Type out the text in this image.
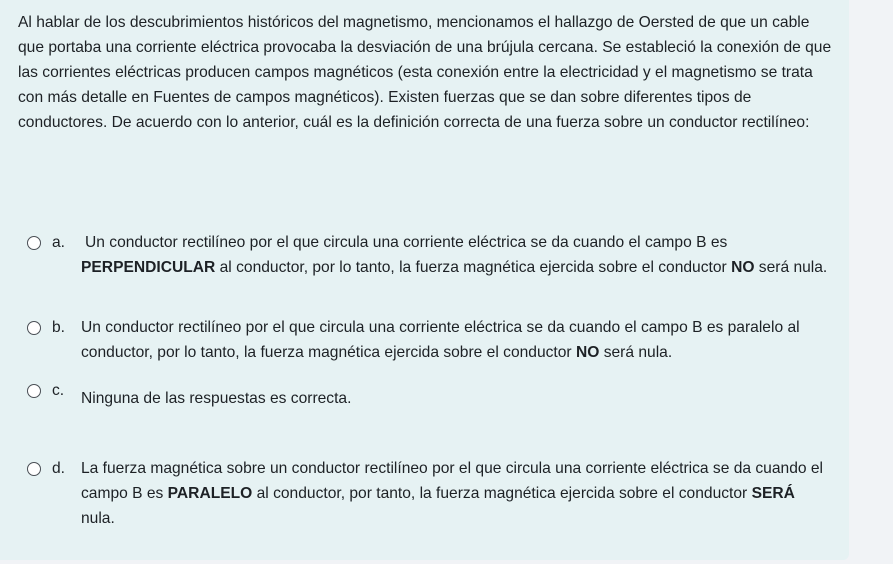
Al hablar de los descubrimientos históricos del magnetismo, mencionamos el hallazgo de Oersted de que un cable que portaba una corriente eléctrica provocaba la desviación de una brújula cercana. Se estableció la conexión de que las corrientes eléctricas producen campos magnéticos (esta conexión entre la electricidad y el magnetismo se trata con más detalle en Fuentes de campos magnéticos). Existen fuerzas que se dan sobre diferentes tipos de conductores. De acuerdo con lo anterior, cuál es la definición correcta de una fuerza sobre un conductor rectilíneo:

a. Un conductor rectilíneo por el que circula una corriente eléctrica se da cuando el campo B es PERPENDICULAR al conductor, por lo tanto, la fuerza magnética ejercida sobre el conductor NO será nula.

b. Un conductor rectilíneo por el que circula una corriente eléctrica se da cuando el campo B es paralelo al conductor, por lo tanto, la fuerza magnética ejercida sobre el conductor NO será nula.

c. Ninguna de las respuestas es correcta.

d. La fuerza magnética sobre un conductor rectilíneo por el que circula una corriente eléctrica se da cuando el campo B es PARALELO al conductor, por tanto, la fuerza magnética ejercida sobre el conductor SERÁ nula.
